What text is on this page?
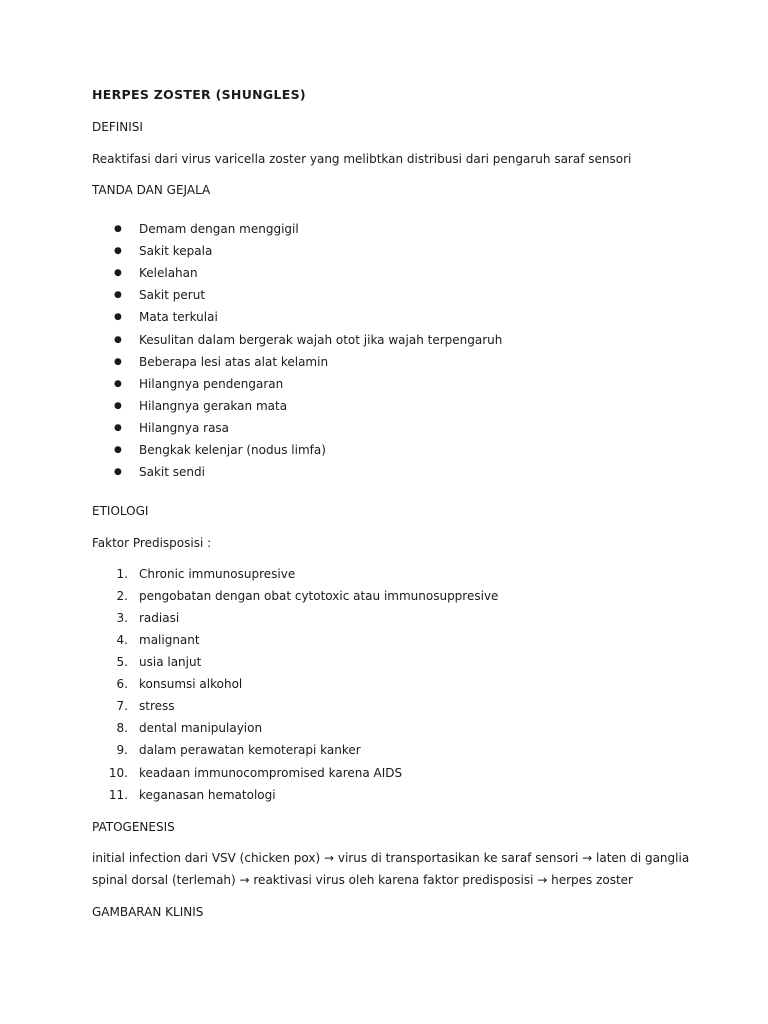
HERPES ZOSTER (SHUNGLES)
DEFINISI
Reaktifasi dari virus varicella zoster yang melibtkan distribusi dari pengaruh saraf sensori
TANDA DAN GEJALA
● Demam dengan menggigil
● Sakit kepala
● Kelelahan
● Sakit perut
● Mata terkulai
● Kesulitan dalam bergerak wajah otot jika wajah terpengaruh
● Beberapa lesi atas alat kelamin
● Hilangnya pendengaran
● Hilangnya gerakan mata
● Hilangnya rasa
● Bengkak kelenjar (nodus limfa)
● Sakit sendi
ETIOLOGI
Faktor Predisposisi :
1. Chronic immunosupresive
2. pengobatan dengan obat cytotoxic atau immunosuppresive
3. radiasi
4. malignant
5. usia lanjut
6. konsumsi alkohol
7. stress
8. dental manipulayion
9. dalam perawatan kemoterapi kanker
10. keadaan immunocompromised karena AIDS
11. keganasan hematologi
PATOGENESIS
initial infection dari VSV (chicken pox) → virus di transportasikan ke saraf sensori → laten di ganglia
spinal dorsal (terlemah) → reaktivasi virus oleh karena faktor predisposisi → herpes zoster
GAMBARAN KLINIS
